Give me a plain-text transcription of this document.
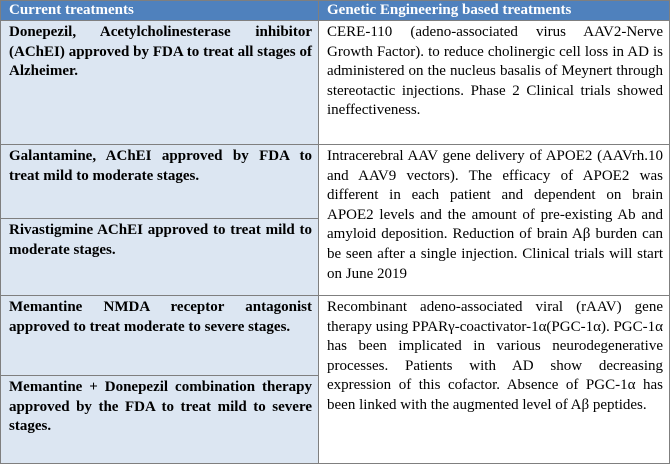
Current treatments	Genetic Engineering based treatments
Donepezil, Acetylcholinesterase inhibitor (AChEI) approved by FDA to treat all stages of Alzheimer.	CERE-110 (adeno-associated virus AAV2-Nerve Growth Factor). to reduce cholinergic cell loss in AD is administered on the nucleus basalis of Meynert through stereotactic injections. Phase 2 Clinical trials showed ineffectiveness.
Galantamine, AChEI approved by FDA to treat mild to moderate stages.	Intracerebral AAV gene delivery of APOE2 (AAVrh.10 and AAV9 vectors). The efficacy of APOE2 was different in each patient and dependent on brain APOE2 levels and the amount of pre-existing Ab and amyloid deposition. Reduction of brain Aβ burden can be seen after a single injection. Clinical trials will start on June 2019
Rivastigmine AChEI approved to treat mild to moderate stages.	
Memantine NMDA receptor antagonist approved to treat moderate to severe stages.	Recombinant adeno-associated viral (rAAV) gene therapy using PPARγ-coactivator-1α(PGC-1α). PGC-1α has been implicated in various neurodegenerative processes. Patients with AD show decreasing expression of this cofactor. Absence of PGC-1α has been linked with the augmented level of Aβ peptides.
Memantine + Donepezil combination therapy approved by the FDA to treat mild to severe stages.	
